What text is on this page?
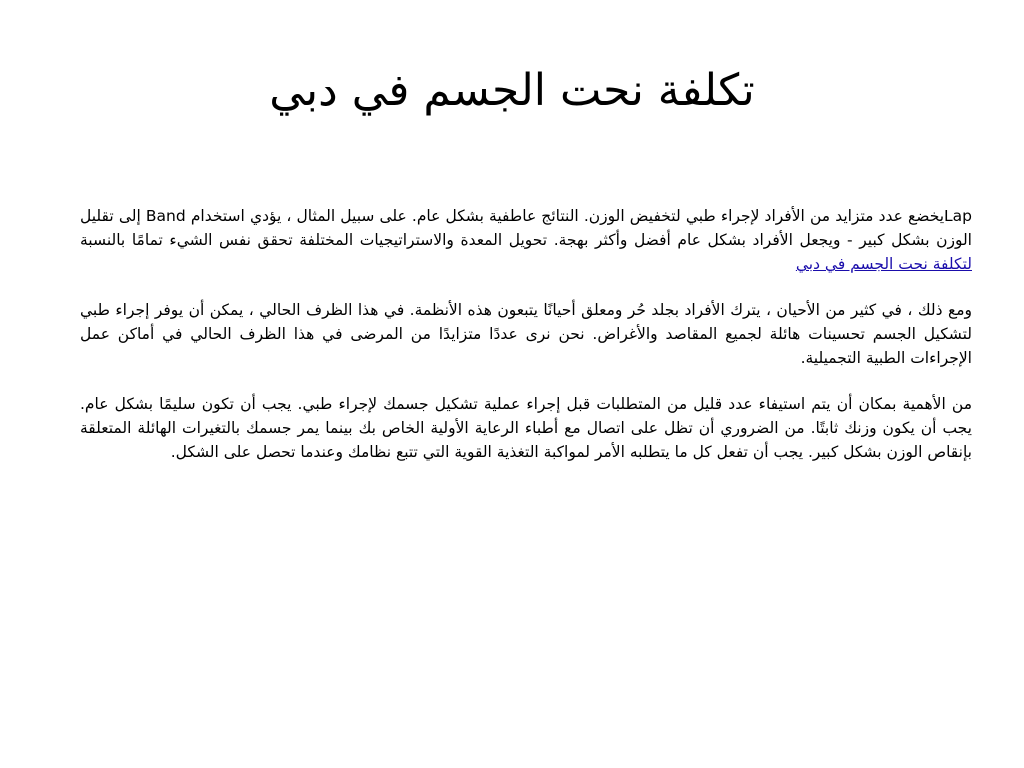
تكلفة نحت الجسم في دبي

Lapيخضع عدد متزايد من الأفراد لإجراء طبي لتخفيض الوزن. النتائج عاطفية بشكل عام. على سبيل المثال ، يؤدي استخدام Band إلى تقليل الوزن بشكل كبير - ويجعل الأفراد بشكل عام أفضل وأكثر بهجة. تحويل المعدة والاستراتيجيات المختلفة تحقق نفس الشيء تمامًا بالنسبة لتكلفة نحت الجسم في دبي

ومع ذلك ، في كثير من الأحيان ، يترك الأفراد بجلد حُر ومعلق أحيانًا يتبعون هذه الأنظمة. في هذا الظرف الحالي ، يمكن أن يوفر إجراء طبي لتشكيل الجسم تحسينات هائلة لجميع المقاصد والأغراض. نحن نرى عددًا متزايدًا من المرضى في هذا الظرف الحالي في أماكن عمل الإجراءات الطبية التجميلية.

من الأهمية بمكان أن يتم استيفاء عدد قليل من المتطلبات قبل إجراء عملية تشكيل جسمك لإجراء طبي. يجب أن تكون سليمًا بشكل عام. يجب أن يكون وزنك ثابتًا. من الضروري أن تظل على اتصال مع أطباء الرعاية الأولية الخاص بك بينما يمر جسمك بالتغيرات الهائلة المتعلقة بإنقاص الوزن بشكل كبير. يجب أن تفعل كل ما يتطلبه الأمر لمواكبة التغذية القوية التي تتبع نظامك وعندما تحصل على الشكل.
